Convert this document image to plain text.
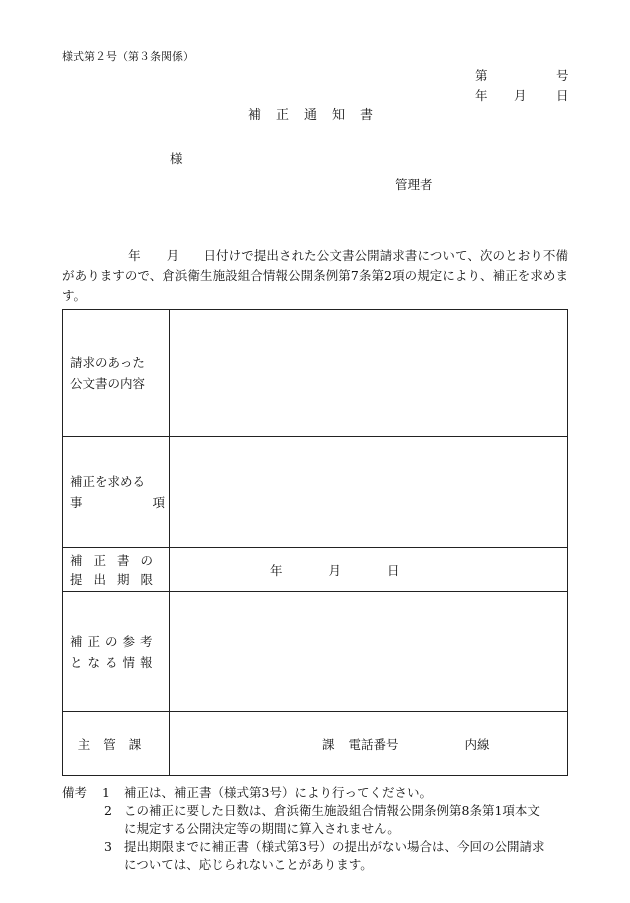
様式第２号（第３条関係）
第	号
年 月 日
補正通知書
様
管理者
年 月 日付けで提出された公文書公開請求書について、次のとおり不備がありますので、倉浜衛生施設組合情報公開条例第7条第2項の規定により、補正を求めます。
請求のあった
公文書の内容	

補正を求める
事 項	

補正書の
提出期限	年 月 日

補正の参考
となる情報	

主管課	課 電話番号 内線
備考	1	補正は、補正書（様式第3号）により行ってください。
2 この補正に要した日数は、倉浜衛生施設組合情報公開条例第8条第1項本文
に規定する公開決定等の期間に算入されません。
3 提出期限までに補正書（様式第3号）の提出がない場合は、今回の公開請求
については、応じられないことがあります。
